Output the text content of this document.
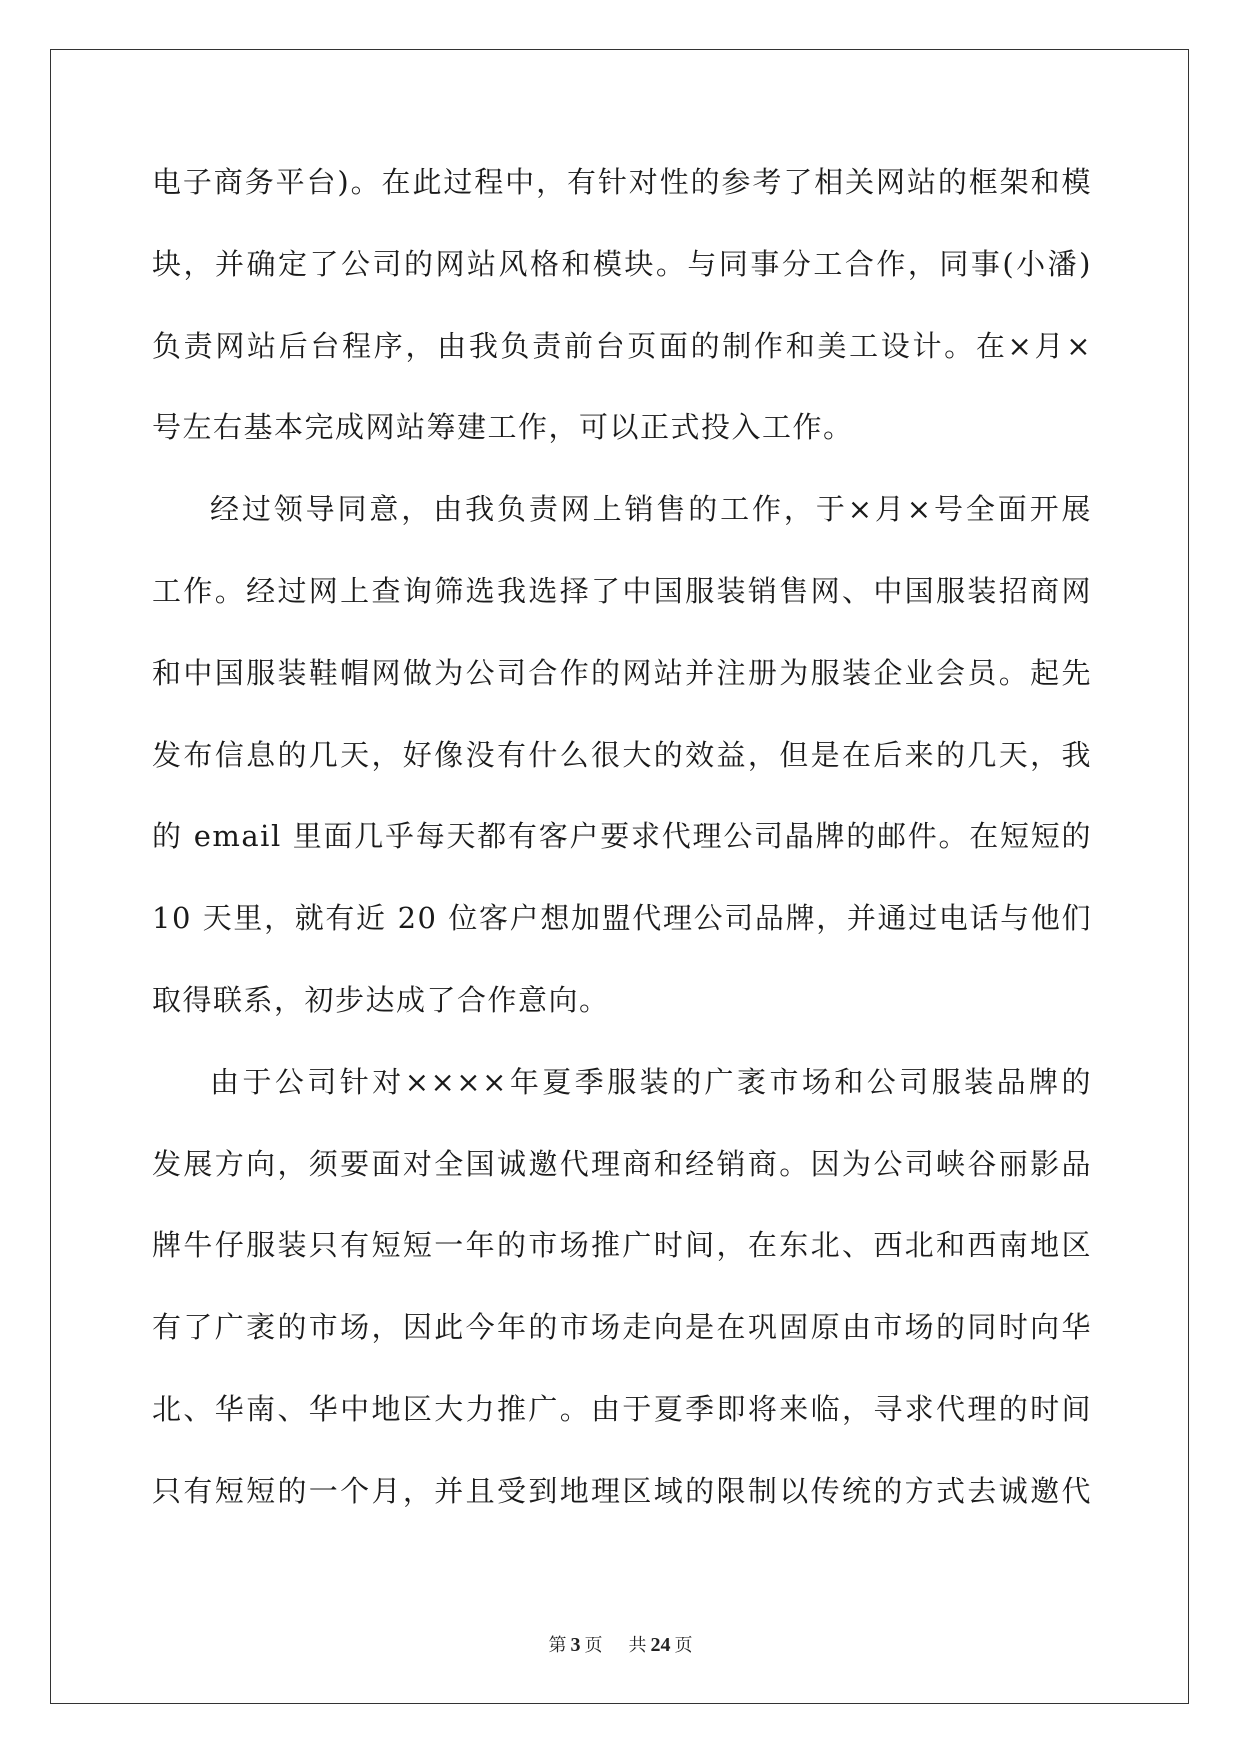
电子商务平台)。在此过程中，有针对性的参考了相关网站的框架和模
块，并确定了公司的网站风格和模块。与同事分工合作，同事(小潘)
负责网站后台程序，由我负责前台页面的制作和美工设计。在×月×
号左右基本完成网站筹建工作，可以正式投入工作。
经过领导同意，由我负责网上销售的工作，于×月×号全面开展
工作。经过网上查询筛选我选择了中国服装销售网、中国服装招商网
和中国服装鞋帽网做为公司合作的网站并注册为服装企业会员。起先
发布信息的几天，好像没有什么很大的效益，但是在后来的几天，我
的 email 里面几乎每天都有客户要求代理公司晶牌的邮件。在短短的
10 天里，就有近 20 位客户想加盟代理公司品牌，并通过电话与他们
取得联系，初步达成了合作意向。
由于公司针对××××年夏季服装的广袤市场和公司服装品牌的
发展方向，须要面对全国诚邀代理商和经销商。因为公司峡谷丽影品
牌牛仔服装只有短短一年的市场推广时间，在东北、西北和西南地区
有了广袤的市场，因此今年的市场走向是在巩固原由市场的同时向华
北、华南、华中地区大力推广。由于夏季即将来临，寻求代理的时间
只有短短的一个月，并且受到地理区域的限制以传统的方式去诚邀代
第 3 页 共 24 页
